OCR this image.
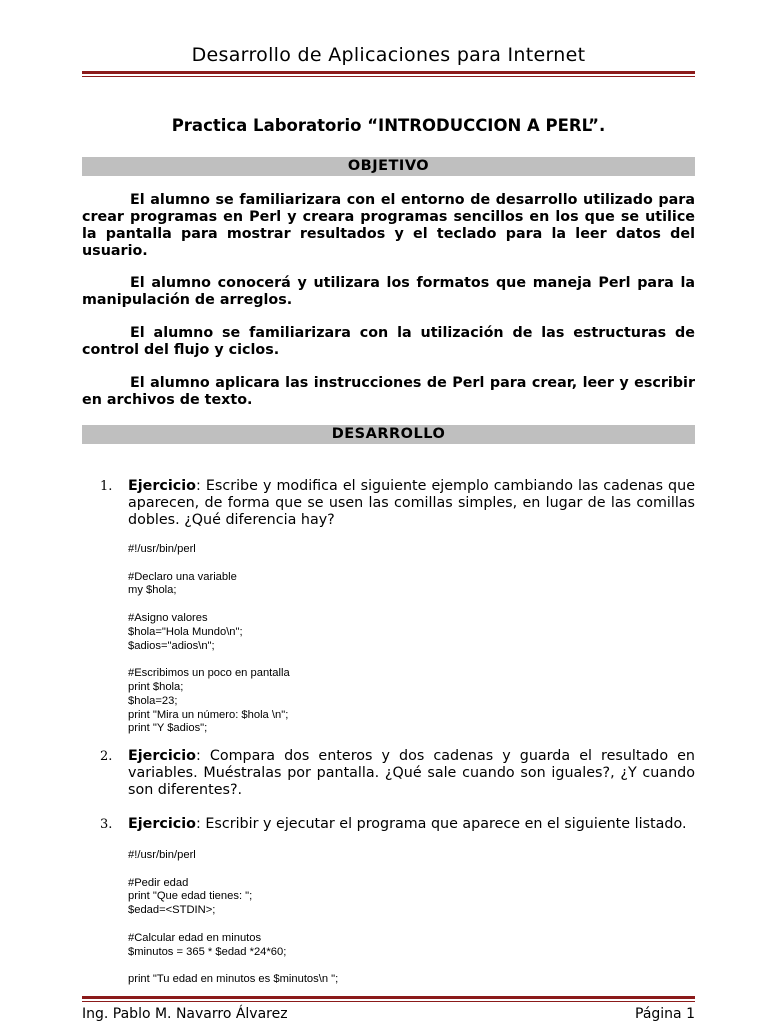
Desarrollo de Aplicaciones para Internet
Practica Laboratorio “INTRODUCCION A PERL”.
OBJETIVO
El alumno se familiarizara con el entorno de desarrollo utilizado para crear programas en Perl y creara programas sencillos en los que se utilice la pantalla para mostrar resultados y el teclado para la leer datos del usuario.
El alumno conocerá y utilizara los formatos que maneja Perl para la manipulación de arreglos.
El alumno se familiarizara con la utilización de las estructuras de control del flujo y ciclos.
El alumno aplicara las instrucciones de Perl para crear, leer y escribir en archivos de texto.
DESARROLLO
1.	Ejercicio: Escribe y modifica el siguiente ejemplo cambiando las cadenas que aparecen, de forma que se usen las comillas simples, en lugar de las comillas dobles. ¿Qué diferencia hay?
#!/usr/bin/perl

#Declaro una variable
my $hola;

#Asigno valores
$hola="Hola Mundo\n";
$adios="adios\n";

#Escribimos un poco en pantalla
print $hola;
$hola=23;
print "Mira un número: $hola \n";
print "Y $adios";
2.	Ejercicio: Compara dos enteros y dos cadenas y guarda el resultado en variables. Muéstralas por pantalla. ¿Qué sale cuando son iguales?, ¿Y cuando son diferentes?.
3.	Ejercicio: Escribir y ejecutar el programa que aparece en el siguiente listado.
#!/usr/bin/perl

#Pedir edad
print "Que edad tienes: ";
$edad=<STDIN>;

#Calcular edad en minutos
$minutos = 365 * $edad *24*60;

print "Tu edad en minutos es $minutos\n ";
Ing. Pablo M. Navarro Álvarez	Página 1
